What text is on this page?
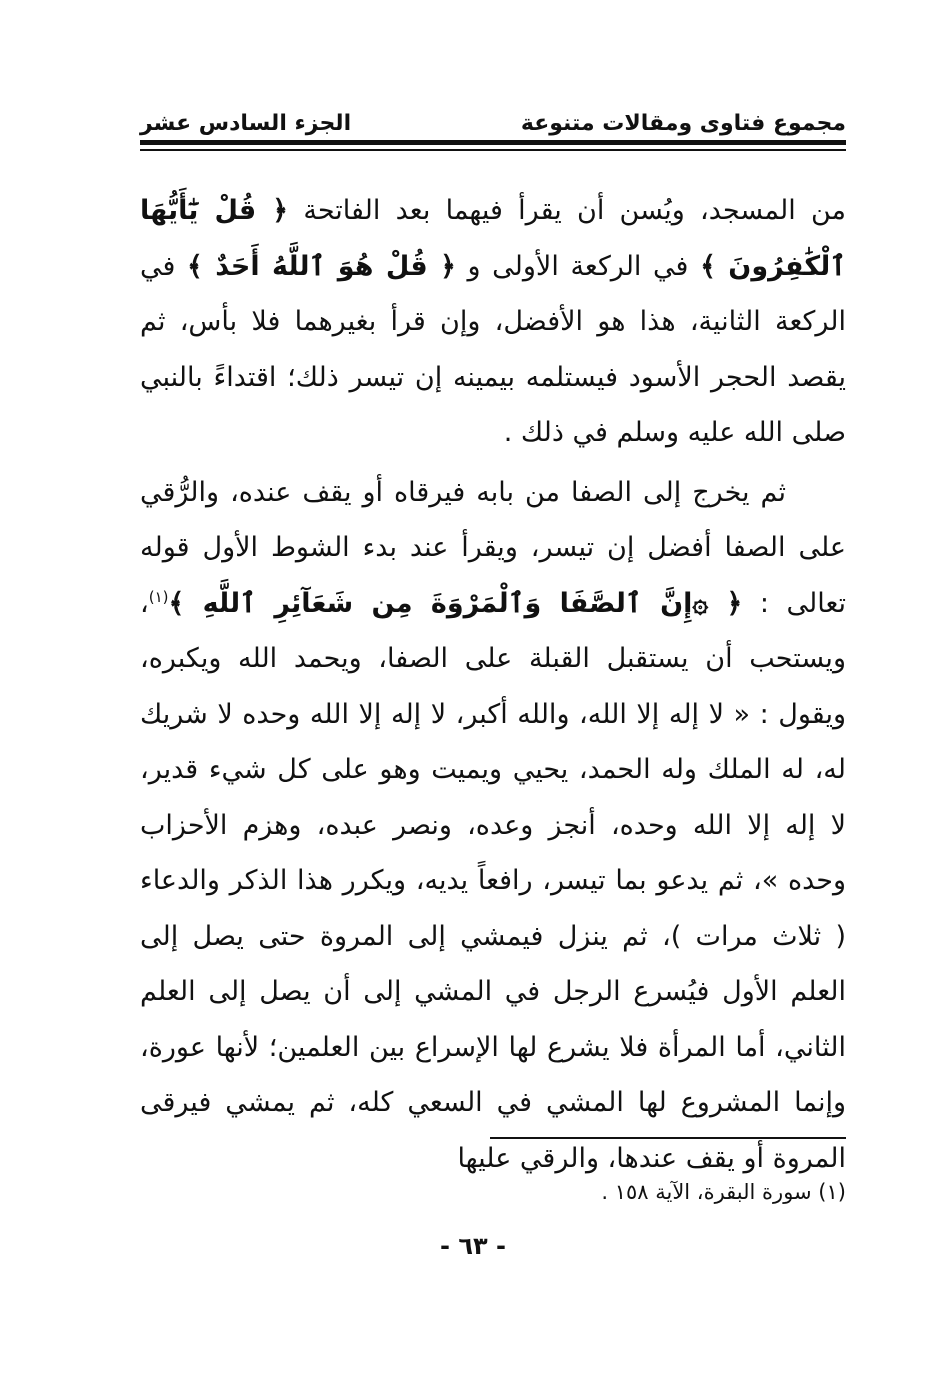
مجموع فتاوى ومقالات متنوعة
الجزء السادس عشر

من المسجد، ويُسن أن يقرأ فيهما بعد الفاتحة ﴿ قُلْ يَٰٓأَيُّهَا ٱلْكَٰفِرُونَ ﴾ في الركعة الأولى و ﴿ قُلْ هُوَ ٱللَّهُ أَحَدٌ ﴾ في الركعة الثانية، هذا هو الأفضل، وإن قرأ بغيرهما فلا بأس، ثم يقصد الحجر الأسود فيستلمه بيمينه إن تيسر ذلك؛ اقتداءً بالنبي صلى الله عليه وسلم في ذلك .

ثم يخرج إلى الصفا من بابه فيرقاه أو يقف عنده، والرُّقي على الصفا أفضل إن تيسر، ويقرأ عند بدء الشوط الأول قوله تعالى : ﴿ ۞إِنَّ ٱلصَّفَا وَٱلْمَرْوَةَ مِن شَعَآئِرِ ٱللَّهِ ﴾$^{(١)}$، ويستحب أن يستقبل القبلة على الصفا، ويحمد الله ويكبره، ويقول : « لا إله إلا الله، والله أكبر، لا إله إلا الله وحده لا شريك له، له الملك وله الحمد، يحيي ويميت وهو على كل شيء قدير، لا إله إلا الله وحده، أنجز وعده، ونصر عبده، وهزم الأحزاب وحده »، ثم يدعو بما تيسر، رافعاً يديه، ويكرر هذا الذكر والدعاء ( ثلاث مرات )، ثم ينزل فيمشي إلى المروة حتى يصل إلى العلم الأول فيُسرع الرجل في المشي إلى أن يصل إلى العلم الثاني، أما المرأة فلا يشرع لها الإسراع بين العلمين؛ لأنها عورة، وإنما المشروع لها المشي في السعي كله، ثم يمشي فيرقى المروة أو يقف عندها، والرقي عليها

(١) سورة البقرة، الآية ١٥٨ .
- ٦٣ -
